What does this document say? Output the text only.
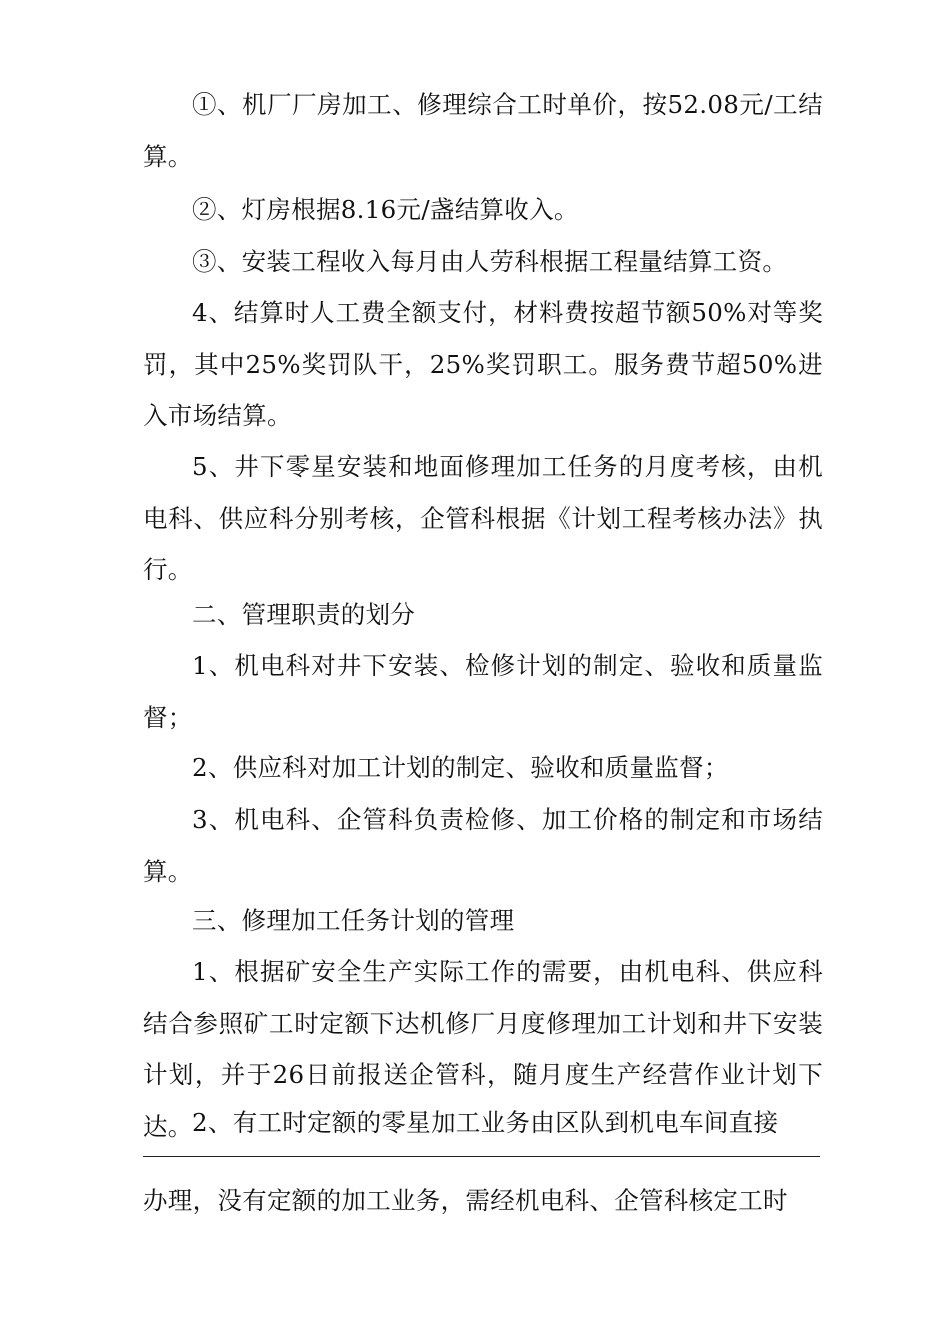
①、机厂厂房加工、修理综合工时单价，按52.08元/工结算。

②、灯房根据8.16元/盏结算收入。

③、安装工程收入每月由人劳科根据工程量结算工资。

4、结算时人工费全额支付，材料费按超节额50%对等奖罚，其中25%奖罚队干，25%奖罚职工。服务费节超50%进入市场结算。

5、井下零星安装和地面修理加工任务的月度考核，由机电科、供应科分别考核，企管科根据《计划工程考核办法》执行。

二、管理职责的划分

1、机电科对井下安装、检修计划的制定、验收和质量监督；

2、供应科对加工计划的制定、验收和质量监督；

3、机电科、企管科负责检修、加工价格的制定和市场结算。

三、修理加工任务计划的管理

1、根据矿安全生产实际工作的需要，由机电科、供应科结合参照矿工时定额下达机修厂月度修理加工计划和井下安装计划，并于26日前报送企管科，随月度生产经营作业计划下达。 2、有工时定额的零星加工业务由区队到机电车间直接

办理，没有定额的加工业务，需经机电科、企管科核定工时
